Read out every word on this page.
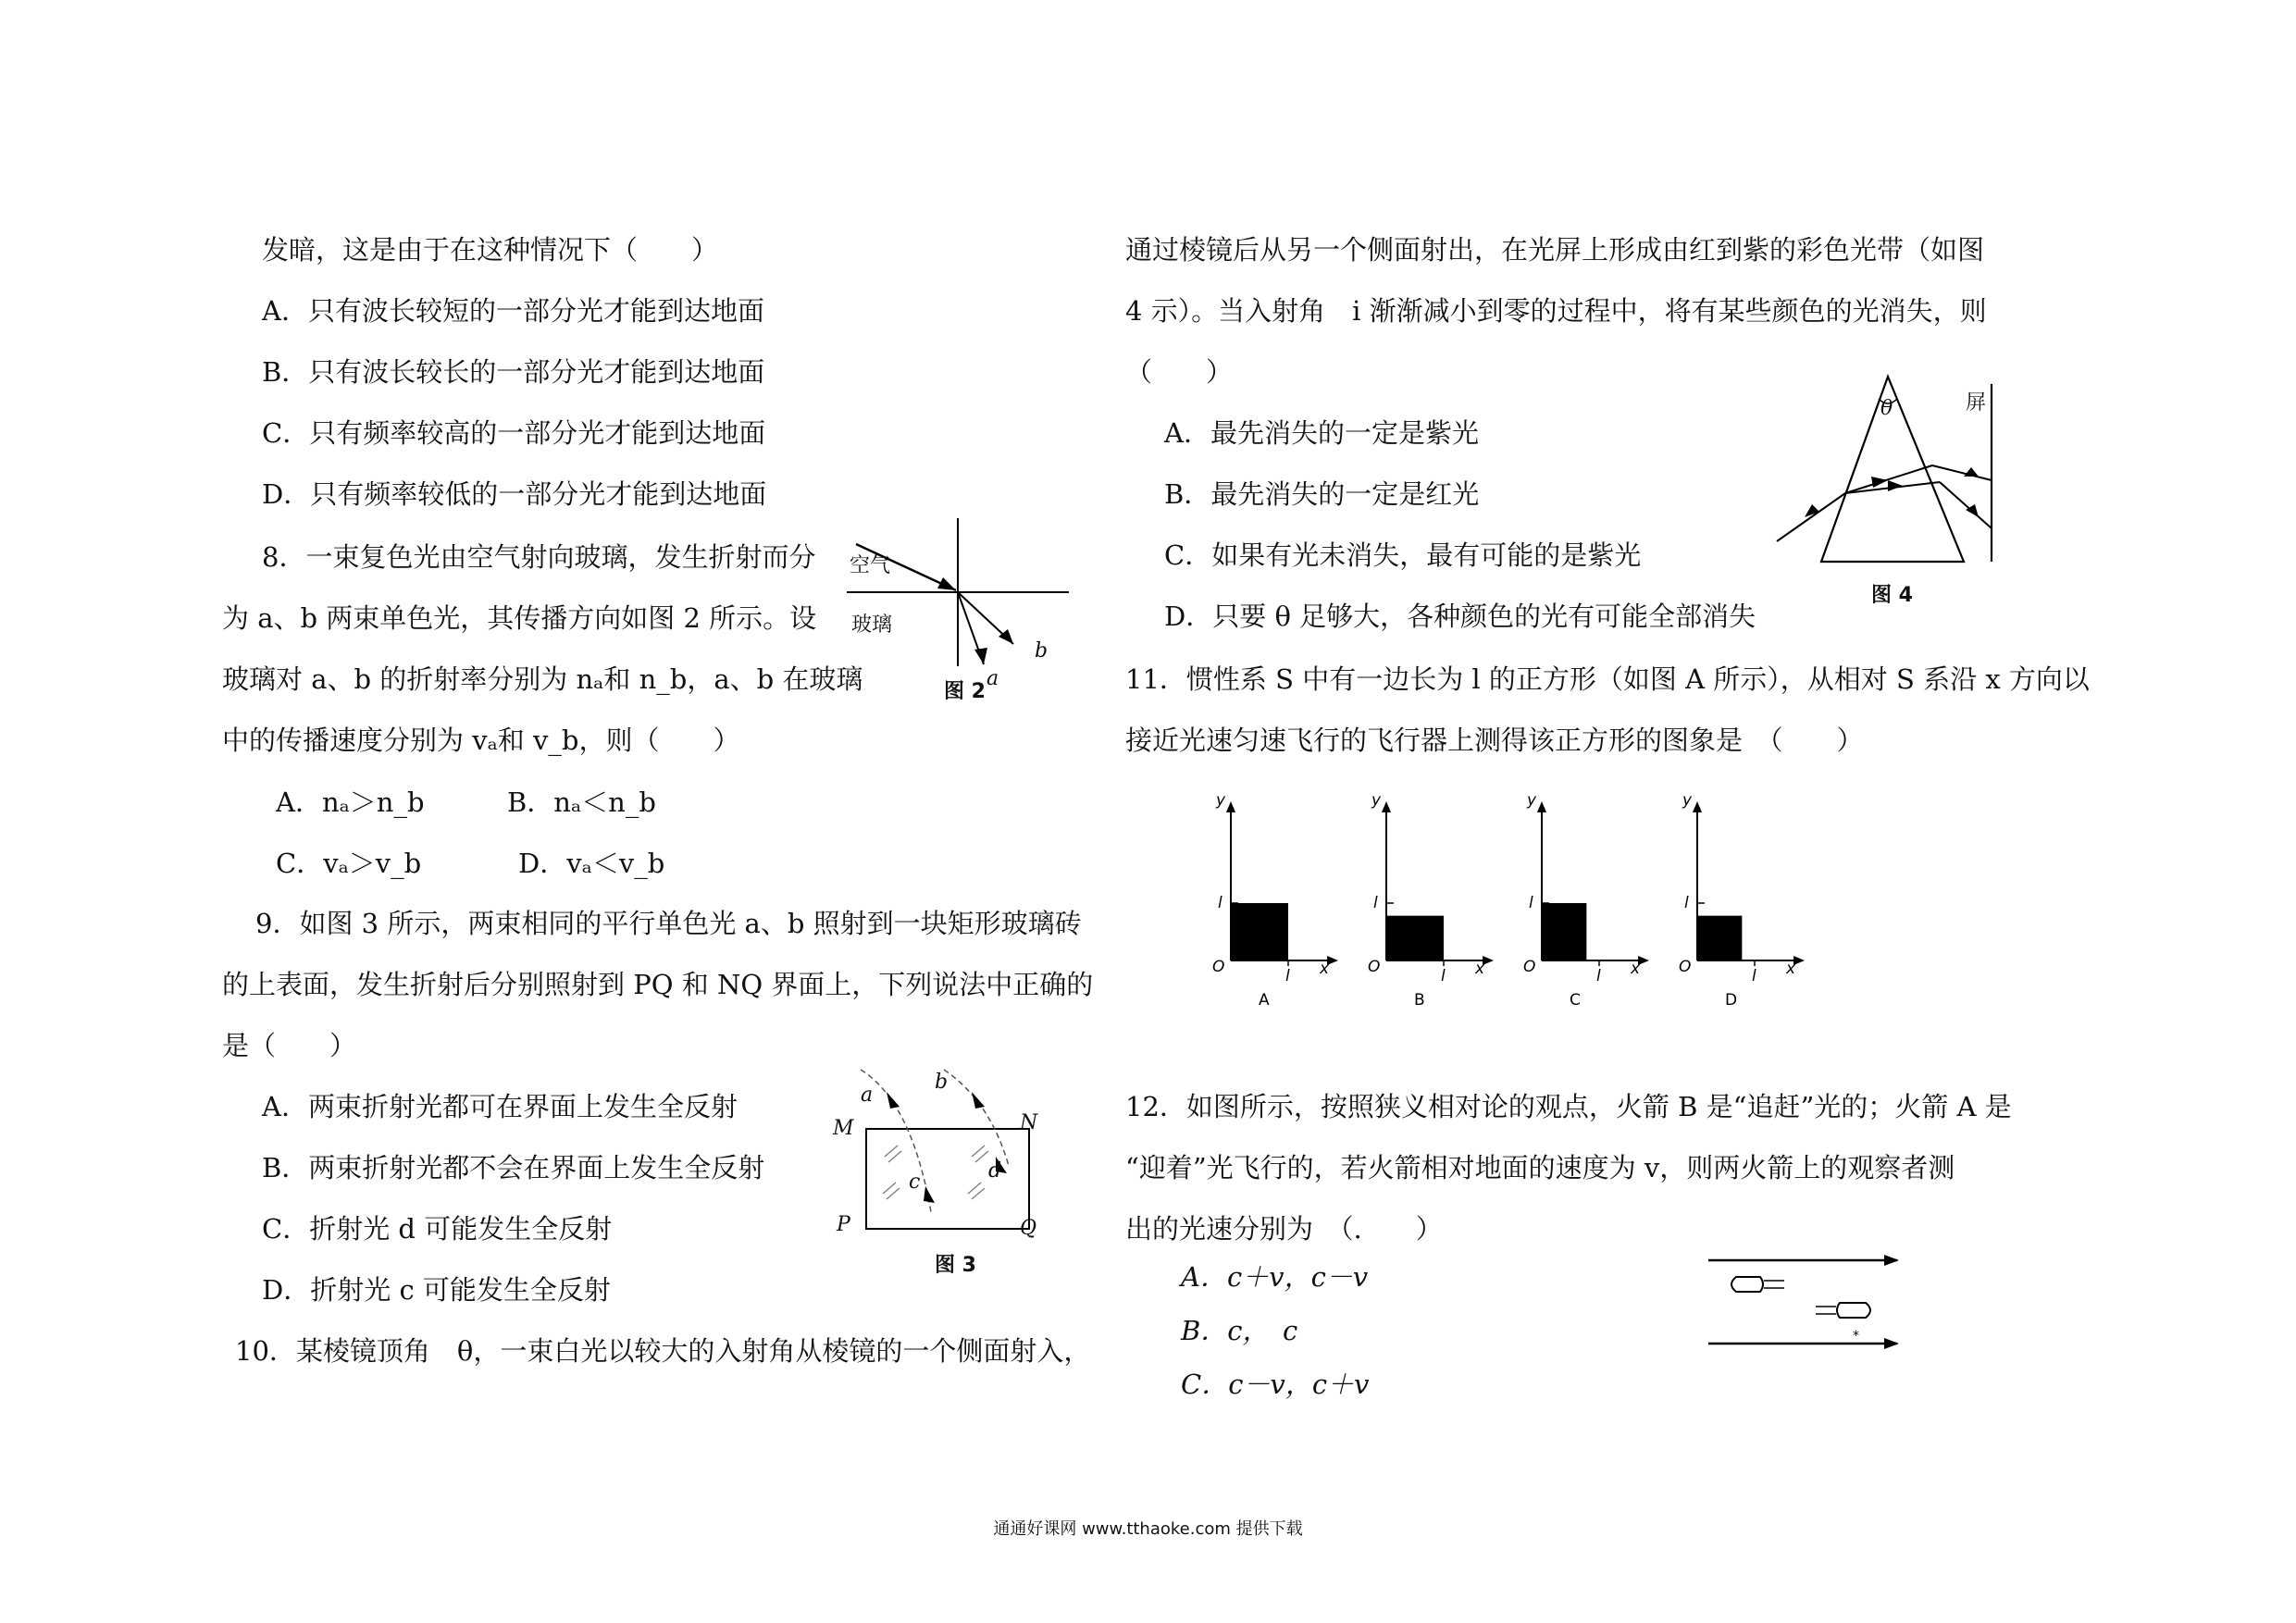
发暗，这是由于在这种情况下（　　）
A．只有波长较短的一部分光才能到达地面
B．只有波长较长的一部分光才能到达地面
C．只有频率较高的一部分光才能到达地面
D．只有频率较低的一部分光才能到达地面
8．一束复色光由空气射向玻璃，发生折射而分
为 a、b 两束单色光，其传播方向如图 2 所示。设
玻璃对 a、b 的折射率分别为 nₐ和 n_b，a、b 在玻璃
中的传播速度分别为 vₐ和 v_b，则（　　）
A．nₐ＞n_b	B．nₐ＜n_b
C．vₐ＞v_b	D．vₐ＜v_b
空气
玻璃
a
b
图 2
9．如图 3 所示，两束相同的平行单色光 a、b 照射到一块矩形玻璃砖
的上表面，发生折射后分别照射到 PQ 和 NQ 界面上，下列说法中正确的
是（　　）
A．两束折射光都可在界面上发生全反射
B．两束折射光都不会在界面上发生全反射
C．折射光 d 可能发生全反射
D．折射光 c 可能发生全反射
a
b
M	N
P	Q
c	d
图 3
10．某棱镜顶角　θ，一束白光以较大的入射角从棱镜的一个侧面射入，
通过棱镜后从另一个侧面射出，在光屏上形成由红到紫的彩色光带（如图
4 示）。当入射角　i 渐渐减小到零的过程中，将有某些颜色的光消失，则
（　　）
A．最先消失的一定是紫光
B．最先消失的一定是红光
C．如果有光未消失，最有可能的是紫光
D．只要 θ 足够大，各种颜色的光有可能全部消失
θ	屏
图 4
11．惯性系 S 中有一边长为 l 的正方形（如图 A 所示），从相对 S 系沿 x 方向以
接近光速匀速飞行的飞行器上测得该正方形的图象是　（　　）
y
l
O	l x
A
y
l
O	l x
B
y
l
O	l x
C
y
l
O	l x
D
12．如图所示，按照狭义相对论的观点，火箭 B 是“追赶”光的；火箭 A 是
“迎着”光飞行的，若火箭相对地面的速度为 v，则两火箭上的观察者测
出的光速分别为　（.　　）
A．c＋v，c－v
B．c，　c
C．c－v，c＋v
*
通通好课网 www.tthaoke.com 提供下载
